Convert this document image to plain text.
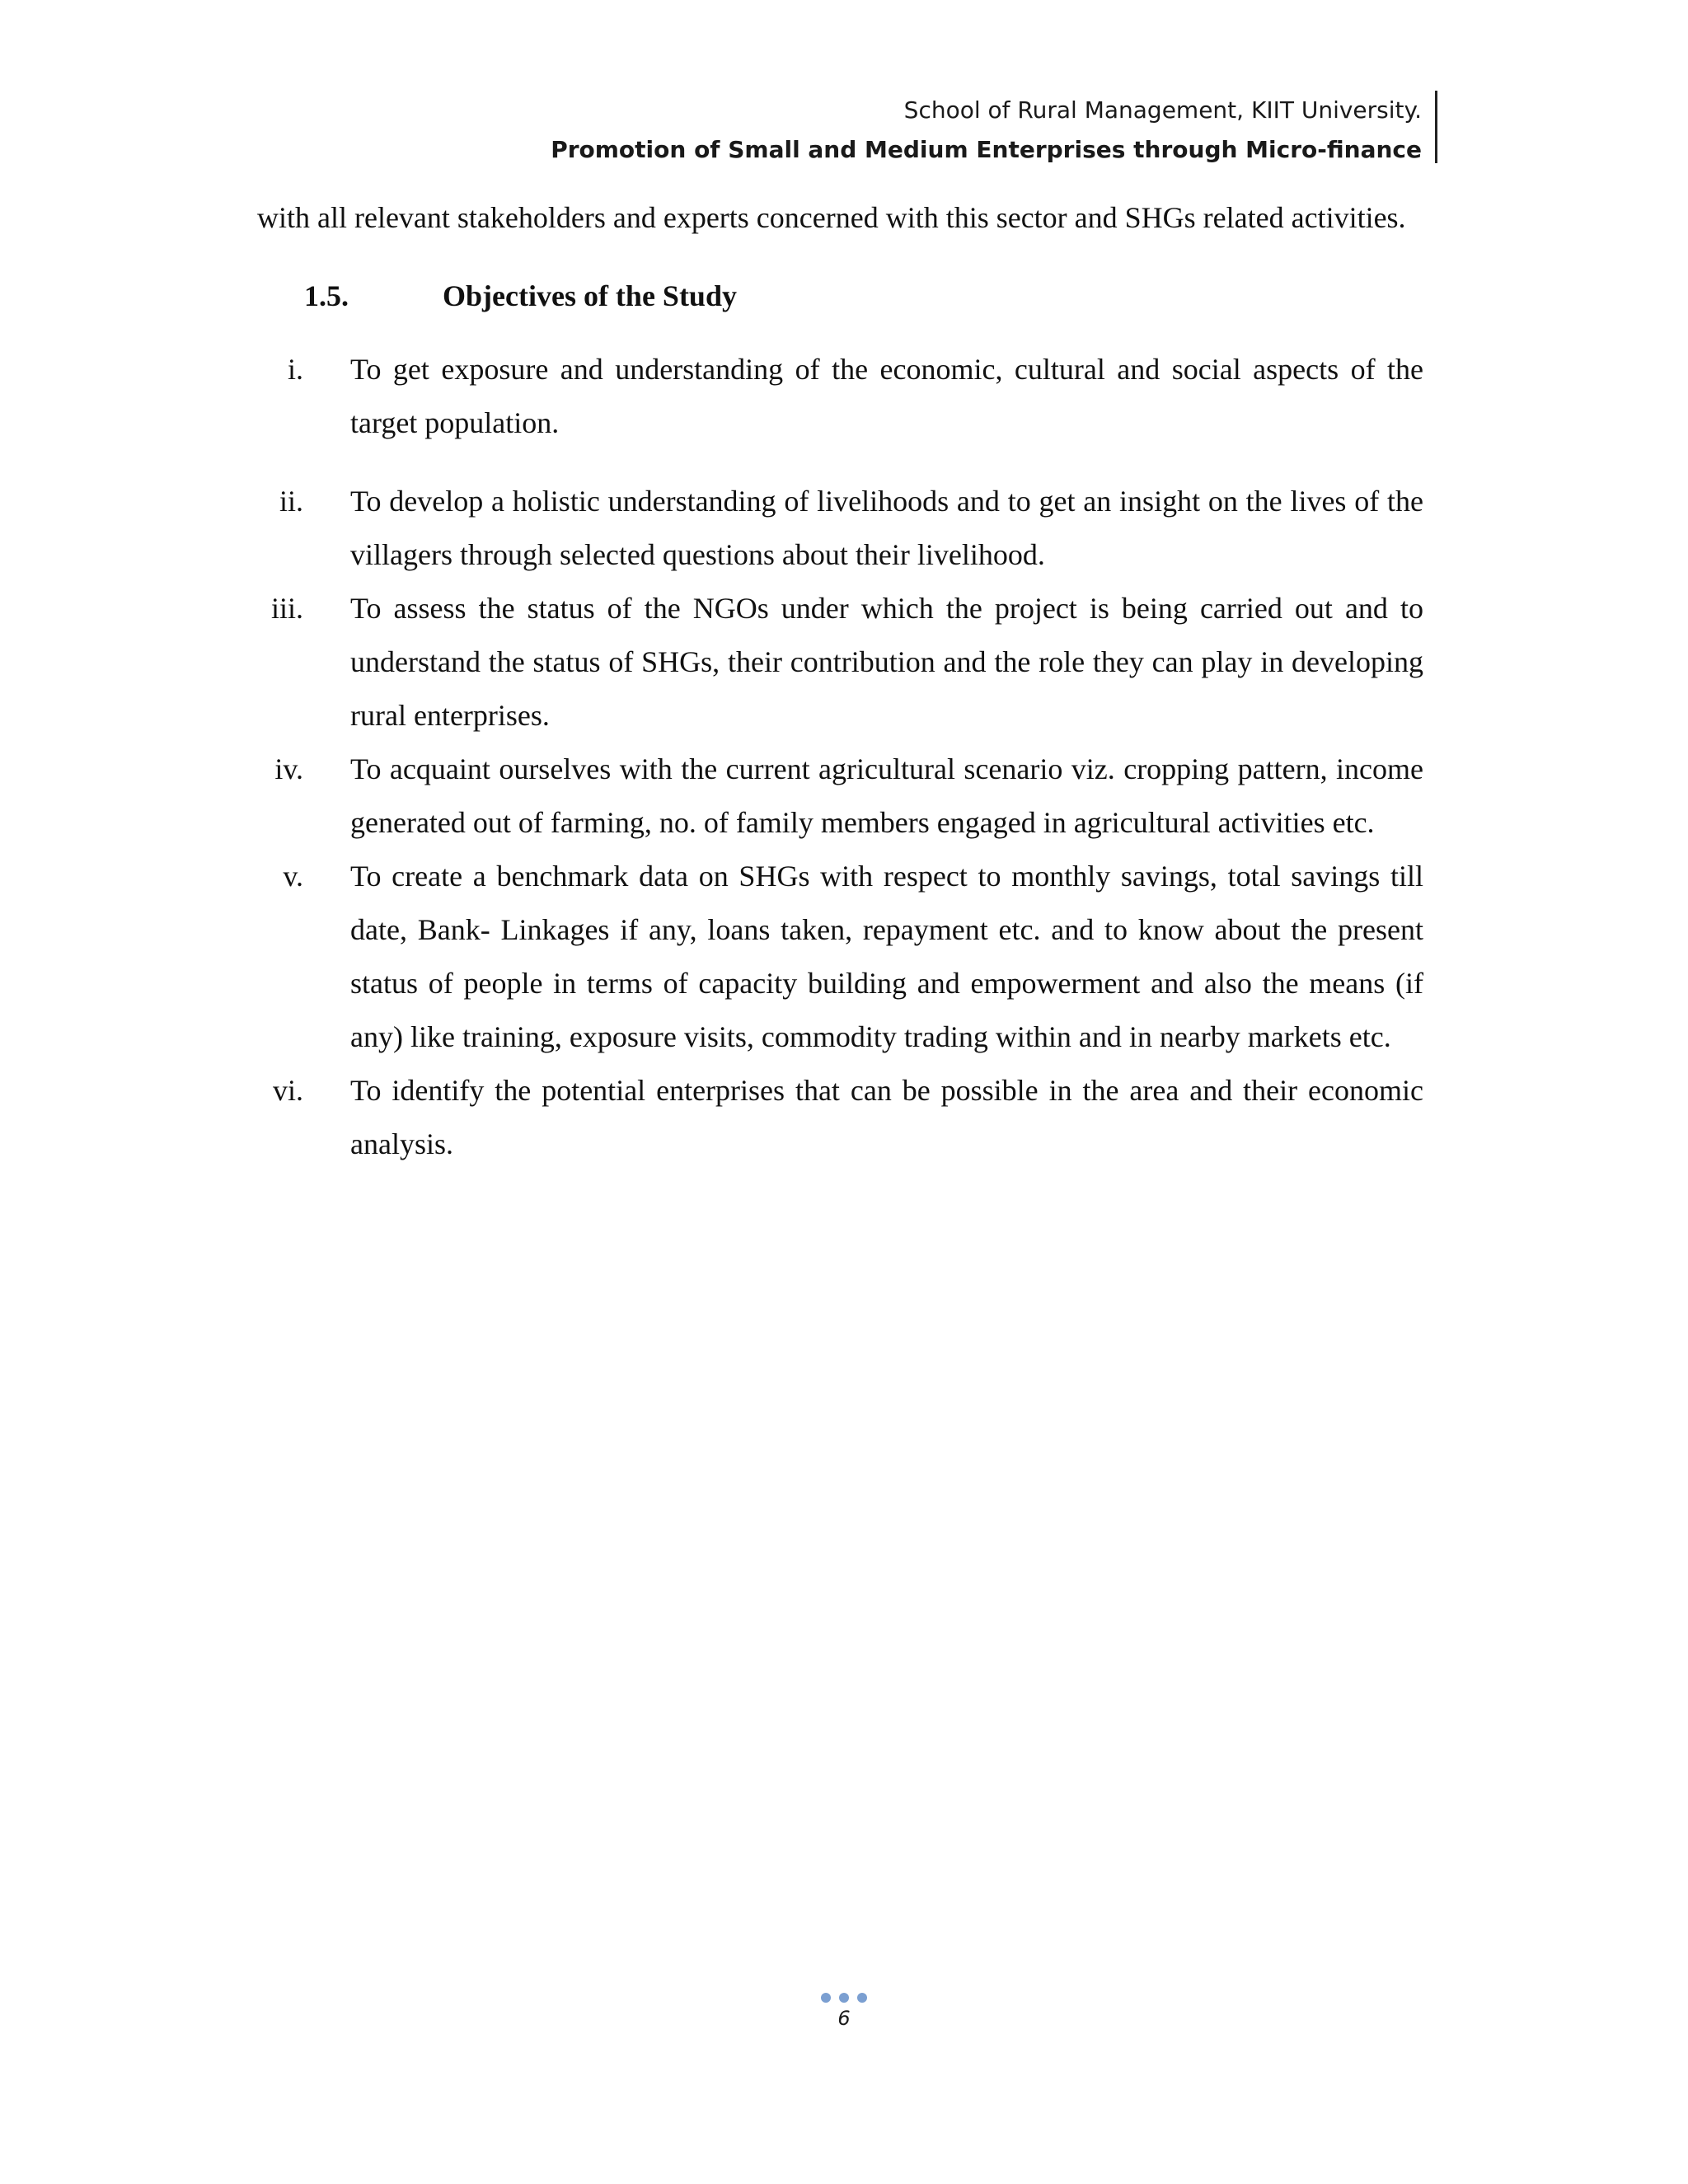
School of Rural Management, KIIT University.
Promotion of Small and Medium Enterprises through Micro-finance

with all relevant stakeholders and experts concerned with this sector and SHGs related activities.

1.5.	Objectives of the Study
i. To get exposure and understanding of the economic, cultural and social aspects of the target population.
ii. To develop a holistic understanding of livelihoods and to get an insight on the lives of the villagers through selected questions about their livelihood.
iii. To assess the status of the NGOs under which the project is being carried out and to understand the status of SHGs, their contribution and the role they can play in developing rural enterprises.
iv. To acquaint ourselves with the current agricultural scenario viz. cropping pattern, income generated out of farming, no. of family members engaged in agricultural activities etc.
v. To create a benchmark data on SHGs with respect to monthly savings, total savings till date, Bank- Linkages if any, loans taken, repayment etc. and to know about the present status of people in terms of capacity building and empowerment and also the means (if any) like training, exposure visits, commodity trading within and in nearby markets etc.
vi. To identify the potential enterprises that can be possible in the area and their economic analysis.
6
